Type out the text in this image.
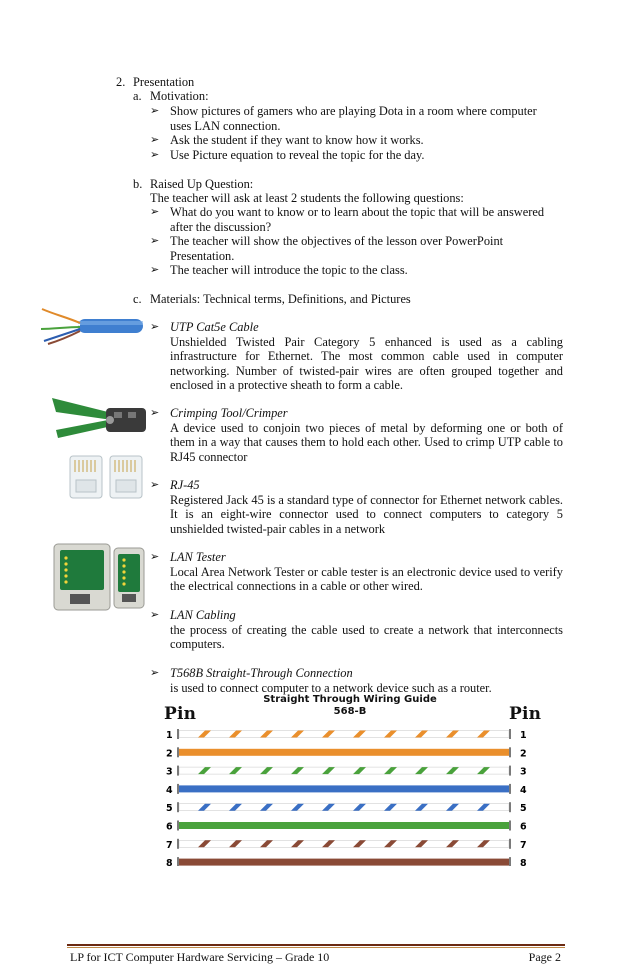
2. Presentation
a. Motivation:
➢ Show pictures of gamers who are playing Dota in a room where computer
uses LAN connection.
➢ Ask the student if they want to know how it works.
➢ Use Picture equation to reveal the topic for the day.
b. Raised Up Question:
The teacher will ask at least 2 students the following questions:
➢ What do you want to know or to learn about the topic that will be answered
after the discussion?
➢ The teacher will show the objectives of the lesson over PowerPoint
Presentation.
➢ The teacher will introduce the topic to the class.
c. Materials: Technical terms, Definitions, and Pictures
➢ UTP Cat5e Cable
Unshielded Twisted Pair Category 5 enhanced is used as a cabling infrastructure for Ethernet. The most common cable used in computer networking. Number of twisted-pair wires are often grouped together and enclosed in a protective sheath to form a cable.
➢ Crimping Tool/Crimper
A device used to conjoin two pieces of metal by deforming one or both of them in a way that causes them to hold each other. Used to crimp UTP cable to RJ45 connector
➢ RJ-45
Registered Jack 45 is a standard type of connector for Ethernet network cables. It is an eight-wire connector used to connect computers to category 5 unshielded twisted-pair cables in a network
➢ LAN Tester
Local Area Network Tester or cable tester is an electronic device used to verify the electrical connections in a cable or other wired.
➢ LAN Cabling
the process of creating the cable used to create a network that interconnects computers.
➢ T568B Straight-Through Connection
is used to connect computer to a network device such as a router.
Straight Through Wiring Guide
568-B
Pin	Pin
1	1
2	2
3	3
4	4
5	5
6	6
7	7
8	8
LP for ICT Computer Hardware Servicing – Grade 10	Page 2
